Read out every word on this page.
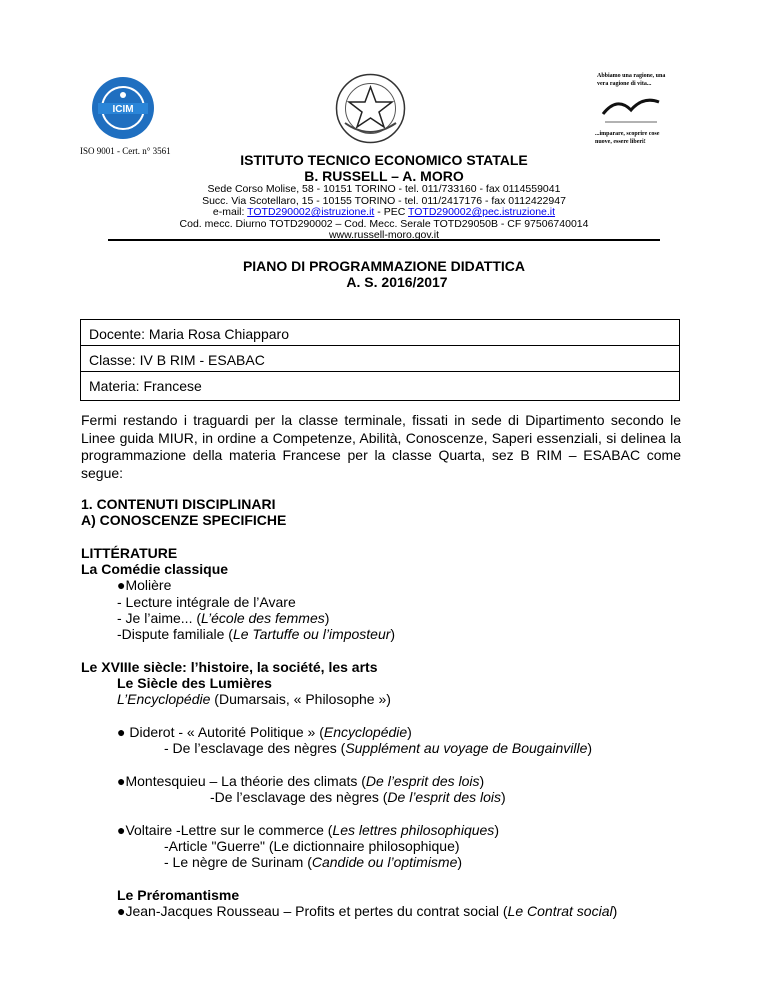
ICIM
ISO 9001 - Cert. n° 3561
Abbiamo una ragione, una vera ragione di vita...
...imparare, scoprire cose nuove, essere liberi!
ISTITUTO TECNICO ECONOMICO STATALE
B. RUSSELL – A. MORO
Sede Corso Molise, 58 - 10151 TORINO - tel. 011/733160 - fax 0114559041
Succ. Via Scotellaro, 15 - 10155 TORINO - tel. 011/2417176 - fax 0112422947
e-mail: TOTD290002@istruzione.it - PEC TOTD290002@pec.istruzione.it
Cod. mecc. Diurno TOTD290002 – Cod. Mecc. Serale TOTD29050B - CF 97506740014
www.russell-moro.gov.it
PIANO DI PROGRAMMAZIONE DIDATTICA
A. S. 2016/2017
Docente: Maria Rosa Chiapparo
Classe: IV B RIM - ESABAC
Materia: Francese
Fermi restando i traguardi per la classe terminale, fissati in sede di Dipartimento secondo le Linee guida MIUR, in ordine a Competenze, Abilità, Conoscenze, Saperi essenziali, si delinea la programmazione della materia Francese per la classe Quarta, sez B RIM – ESABAC come segue:
1. CONTENUTI DISCIPLINARI
A) CONOSCENZE SPECIFICHE
LITTÉRATURE
La Comédie classique
●Molière
- Lecture intégrale de l’Avare
- Je l’aime... (L’école des femmes)
-Dispute familiale (Le Tartuffe ou l’imposteur)
Le XVIIIe siècle: l’histoire, la société, les arts
Le Siècle des Lumières
L’Encyclopédie (Dumarsais, « Philosophe »)
● Diderot - « Autorité Politique » (Encyclopédie)
- De l’esclavage des nègres (Supplément au voyage de Bougainville)
●Montesquieu – La théorie des climats (De l’esprit des lois)
-De l’esclavage des nègres (De l’esprit des lois)
●Voltaire -Lettre sur le commerce (Les lettres philosophiques)
-Article "Guerre" (Le dictionnaire philosophique)
- Le nègre de Surinam (Candide ou l’optimisme)
Le Préromantisme
●Jean-Jacques Rousseau – Profits et pertes du contrat social (Le Contrat social)
